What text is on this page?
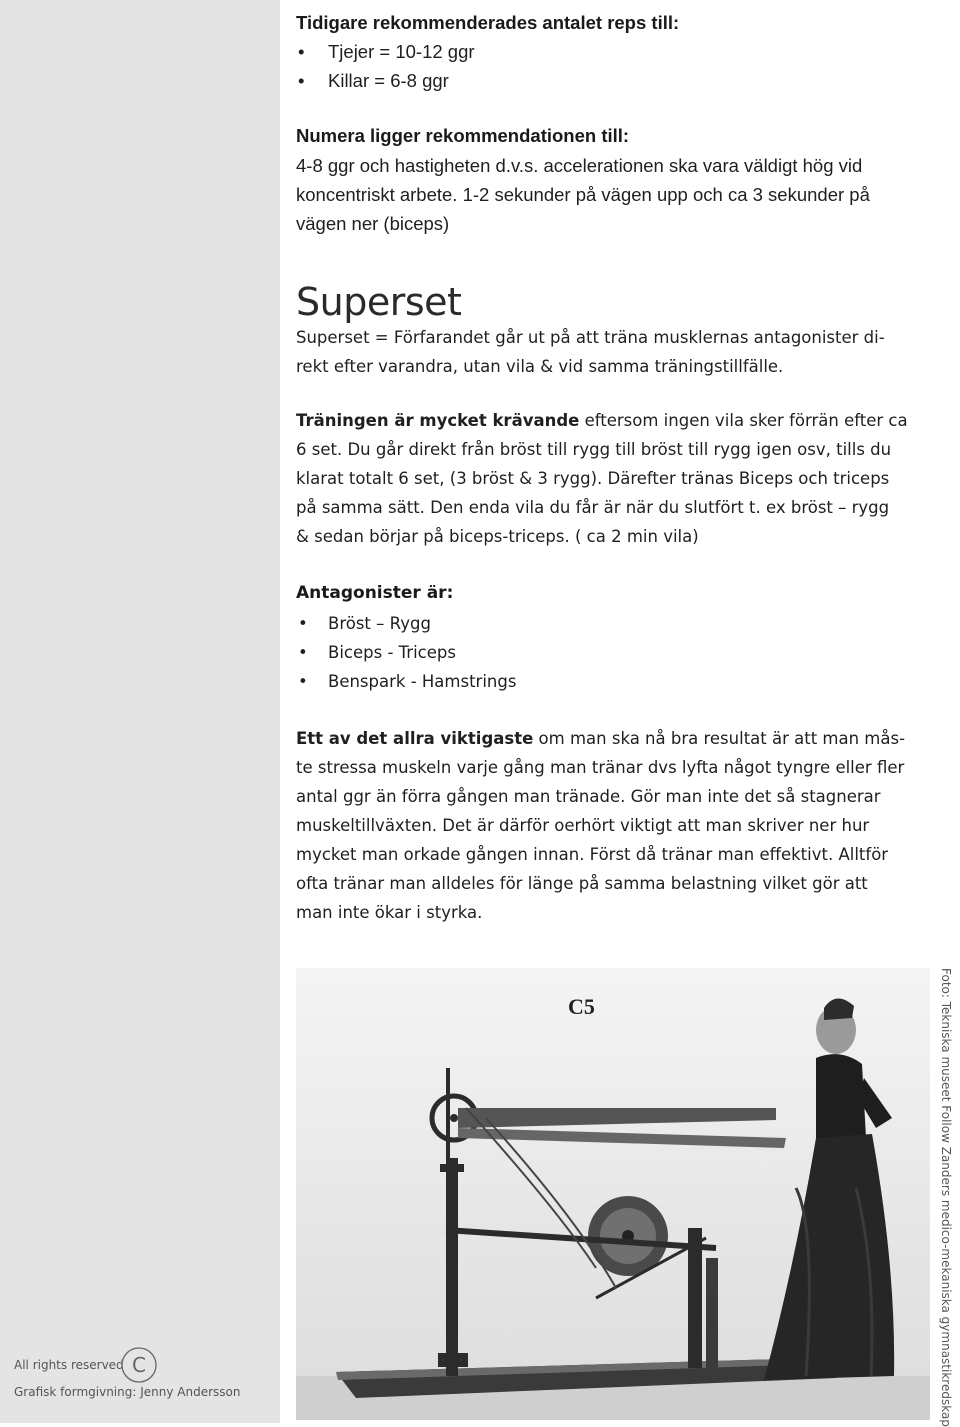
Tidigare rekommenderades antalet reps till:
• Tjejer = 10-12 ggr
• Killar = 6-8 ggr
Numera ligger rekommendationen till:
4-8 ggr och hastigheten d.v.s. accelerationen ska vara väldigt hög vid
koncentriskt arbete. 1-2 sekunder på vägen upp och ca 3 sekunder på
vägen ner (biceps)
Superset
Superset = Förfarandet går ut på att träna musklernas antagonister di-
rekt efter varandra, utan vila & vid samma träningstillfälle.
Träningen är mycket krävande eftersom ingen vila sker förrän efter ca
6 set. Du går direkt från bröst till rygg till bröst till rygg igen osv, tills du
klarat totalt 6 set, (3 bröst & 3 rygg). Därefter tränas Biceps och triceps
på samma sätt. Den enda vila du får är när du slutfört t. ex bröst – rygg
& sedan börjar på biceps-triceps. ( ca 2 min vila)
Antagonister är:
• Bröst – Rygg
• Biceps - Triceps
• Benspark - Hamstrings
Ett av det allra viktigaste om man ska nå bra resultat är att man mås-
te stressa muskeln varje gång man tränar dvs lyfta något tyngre eller fler
antal ggr än förra gången man tränade. Gör man inte det så stagnerar
muskeltillväxten. Det är därför oerhört viktigt att man skriver ner hur
mycket man orkade gången innan. Först då tränar man effektivt. Alltför
ofta tränar man alldeles för länge på samma belastning vilket gör att
man inte ökar i styrka.
C5	Foto: Tekniska museet Follow Zanders medico-mekaniska gymnastikredskap
All rights reserved C
Grafisk formgivning: Jenny Andersson
